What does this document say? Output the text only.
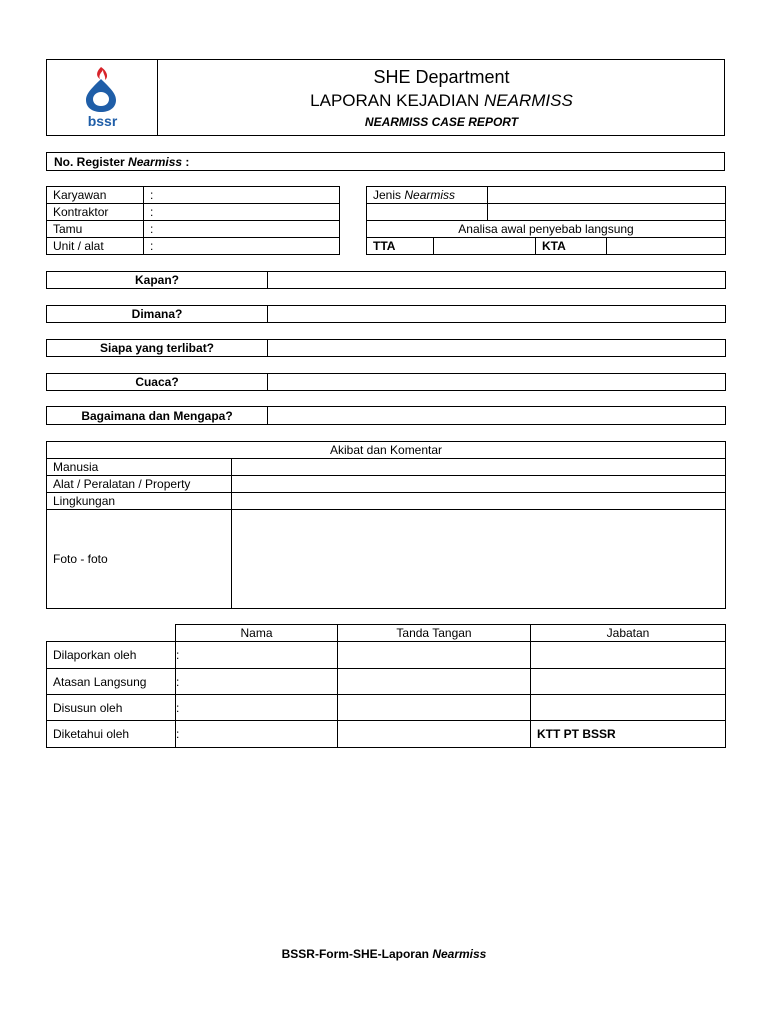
bssr
SHE Department
LAPORAN KEJADIAN NEARMISS
NEARMISS CASE REPORT
No. Register Nearmiss :
Karyawan	:
Kontraktor	:
Tamu	:
Unit / alat	:
Jenis Nearmiss				

Analisa awal penyebab langsung				
TTA			KTA	
Kapan?	
Dimana?	
Siapa yang terlibat?	
Cuaca?	
Bagaimana dan Mengapa?	
Akibat dan Komentar	
Manusia	
Alat / Peralatan / Property	
Lingkungan	
Foto - foto	
	Nama	Tanda Tangan	Jabatan
Dilaporkan oleh	:		
Atasan Langsung	:		
Disusun oleh	:		
Diketahui oleh	:		KTT PT BSSR
BSSR-Form-SHE-Laporan Nearmiss
